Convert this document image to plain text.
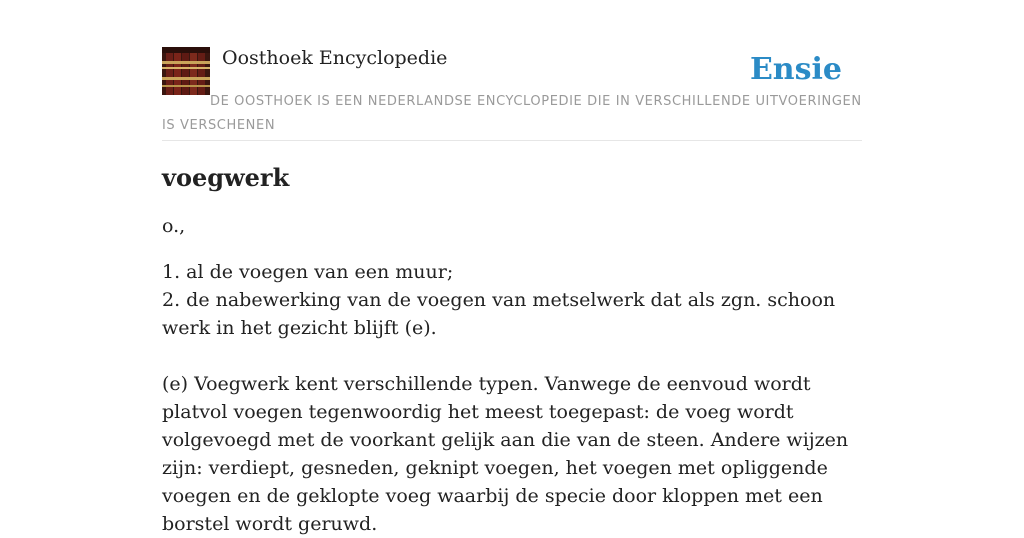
Oosthoek Encyclopedie	Ensie
DE OOSTHOEK IS EEN NEDERLANDSE ENCYCLOPEDIE DIE IN VERSCHILLENDE UITVOERINGEN IS VERSCHENEN
voegwerk

o.,

1. al de voegen van een muur;
2. de nabewerking van de voegen van metselwerk dat als zgn. schoon werk in het gezicht blijft (e).
(e) Voegwerk kent verschillende typen. Vanwege de eenvoud wordt platvol voegen tegenwoordig het meest toegepast: de voeg wordt volgevoegd met de voorkant gelijk aan die van de steen. Andere wijzen zijn: verdiept, gesneden, geknipt voegen, het voegen met opliggende voegen en de geklopte voeg waarbij de specie door kloppen met een borstel wordt geruwd.
